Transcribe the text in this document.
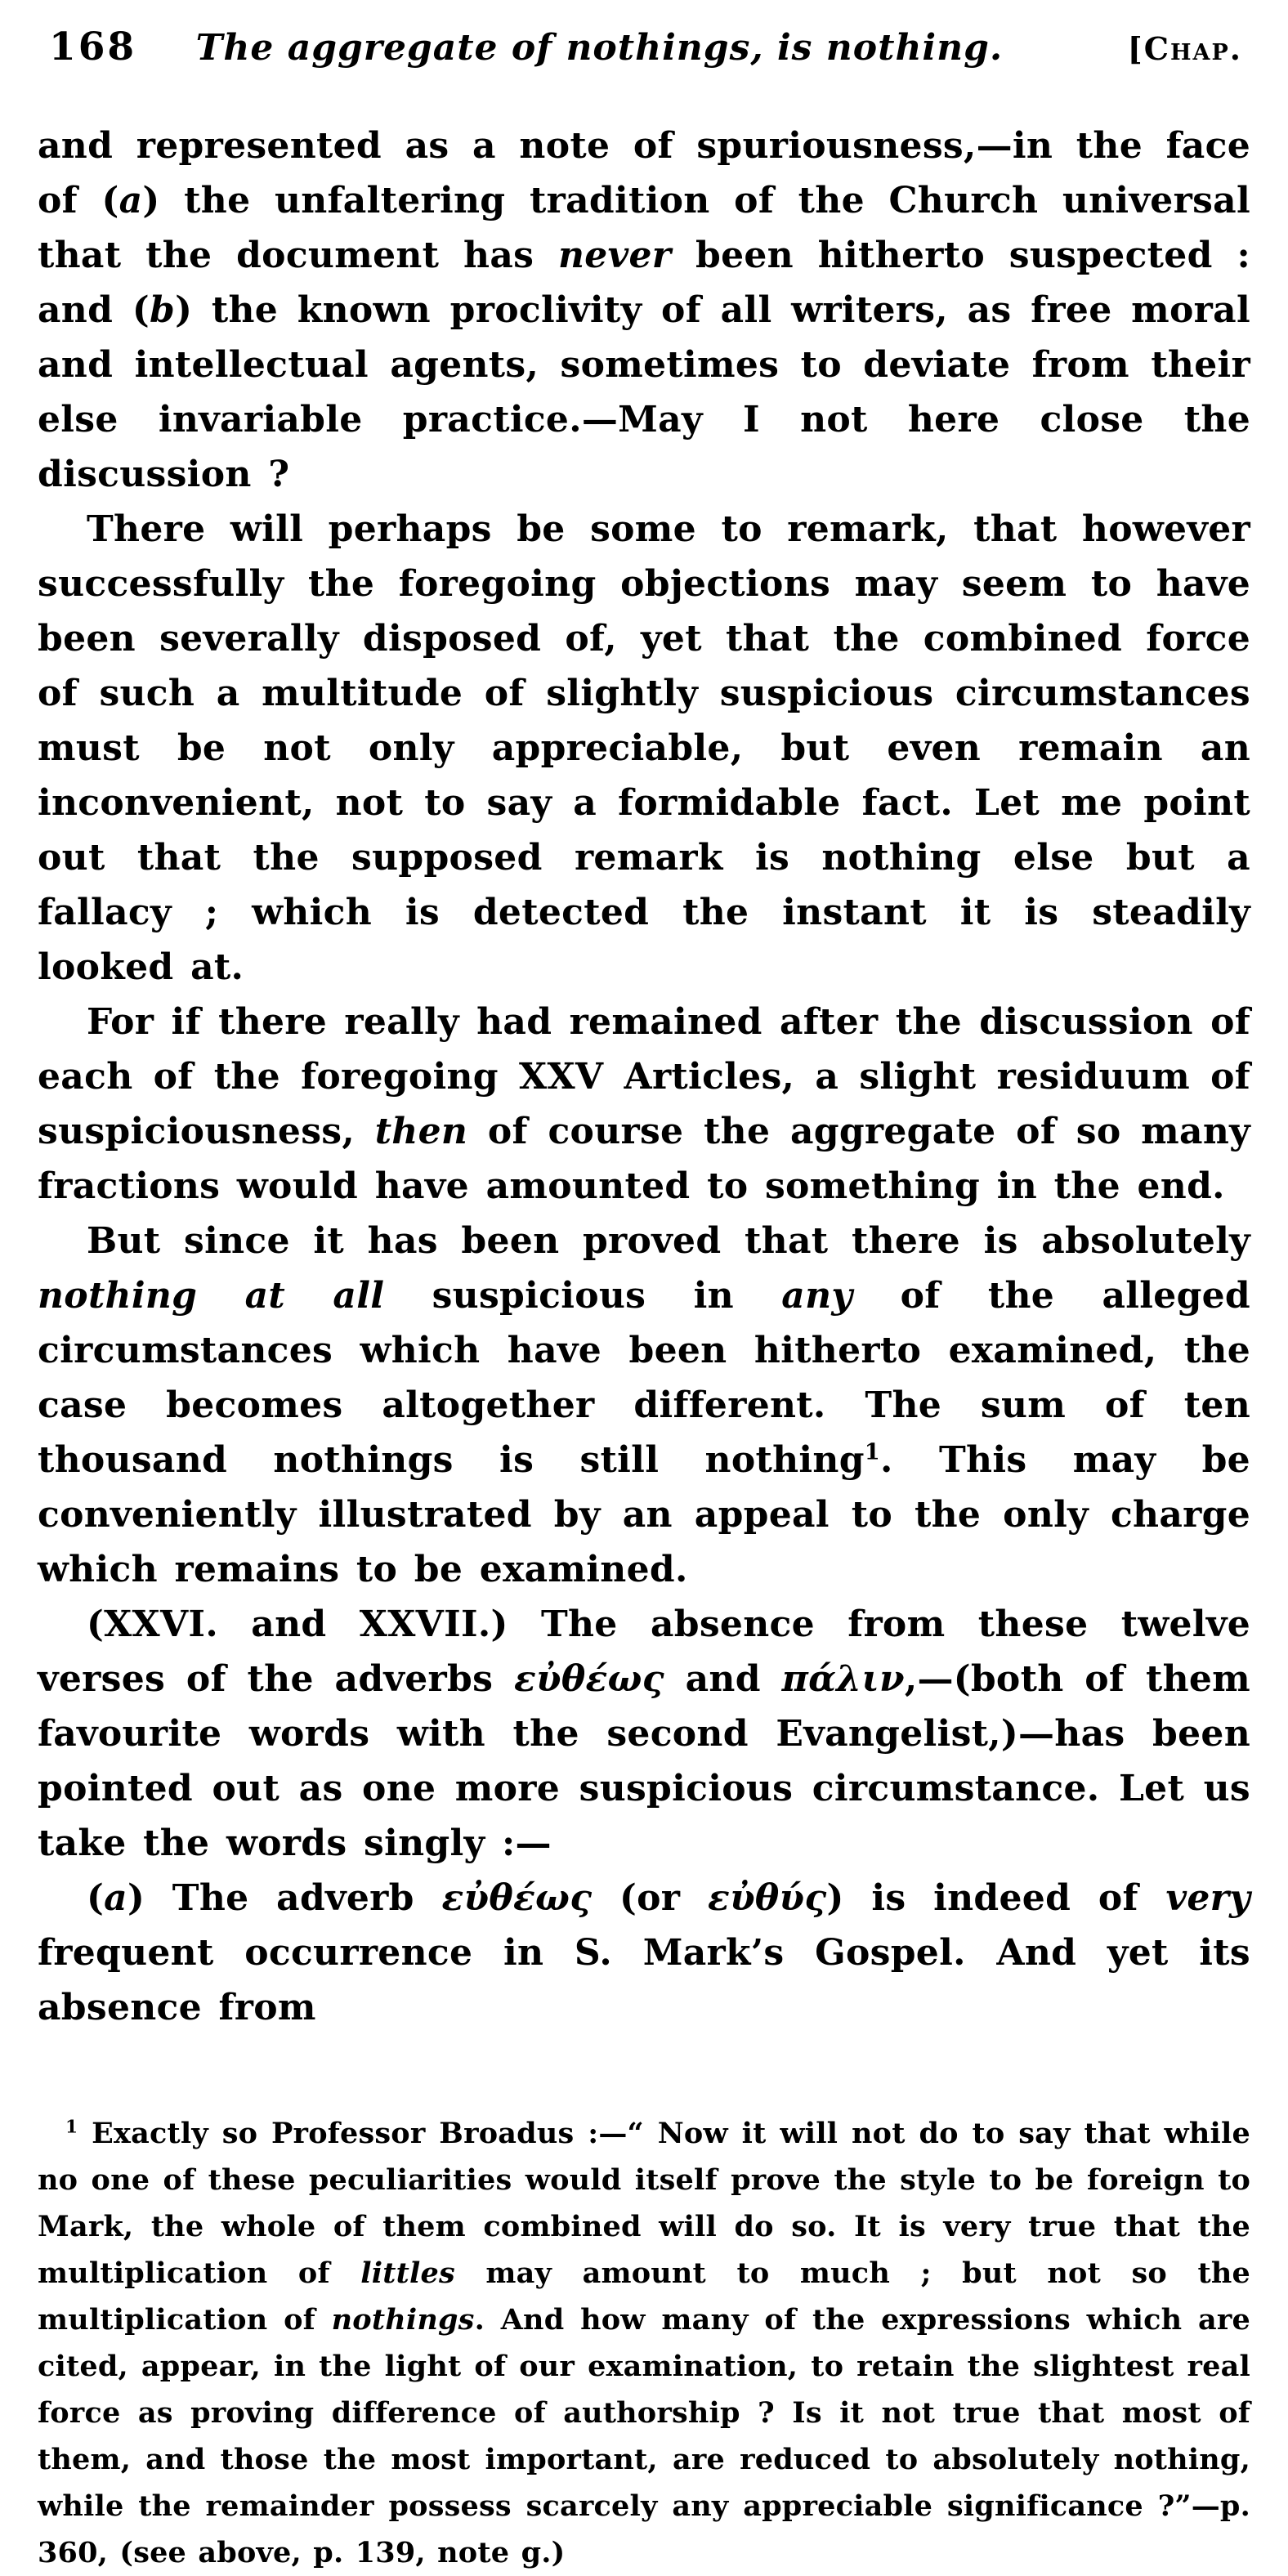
168 The aggregate of nothings, is nothing.	[Chap.

and represented as a note of spuriousness,—in the face of (a) the unfaltering tradition of the Church universal that the document has never been hitherto suspected : and (b) the known proclivity of all writers, as free moral and intellectual agents, sometimes to deviate from their else invariable practice.—May I not here close the discussion ?

There will perhaps be some to remark, that however successfully the foregoing objections may seem to have been severally disposed of, yet that the combined force of such a multitude of slightly suspicious circumstances must be not only appreciable, but even remain an inconvenient, not to say a formidable fact. Let me point out that the supposed remark is nothing else but a fallacy ; which is detected the instant it is steadily looked at.

For if there really had remained after the discussion of each of the foregoing XXV Articles, a slight residuum of suspiciousness, then of course the aggregate of so many fractions would have amounted to something in the end.

But since it has been proved that there is absolutely nothing at all suspicious in any of the alleged circumstances which have been hitherto examined, the case becomes altogether different. The sum of ten thousand nothings is still nothing$^1$. This may be conveniently illustrated by an appeal to the only charge which remains to be examined.

(XXVI. and XXVII.) The absence from these twelve verses of the adverbs εὐθέως and πάλιν,—(both of them favourite words with the second Evangelist,)—has been pointed out as one more suspicious circumstance. Let us take the words singly :—

(a) The adverb εὐθέως (or εὐθύς) is indeed of very frequent occurrence in S. Mark’s Gospel. And yet its absence from

$^1$ Exactly so Professor Broadus :—“ Now it will not do to say that while no one of these peculiarities would itself prove the style to be foreign to Mark, the whole of them combined will do so. It is very true that the multiplication of littles may amount to much ; but not so the multiplication of nothings. And how many of the expressions which are cited, appear, in the light of our examination, to retain the slightest real force as proving difference of authorship ? Is it not true that most of them, and those the most important, are reduced to absolutely nothing, while the remainder possess scarcely any appreciable significance ?”—p. 360, (see above, p. 139, note g.)
